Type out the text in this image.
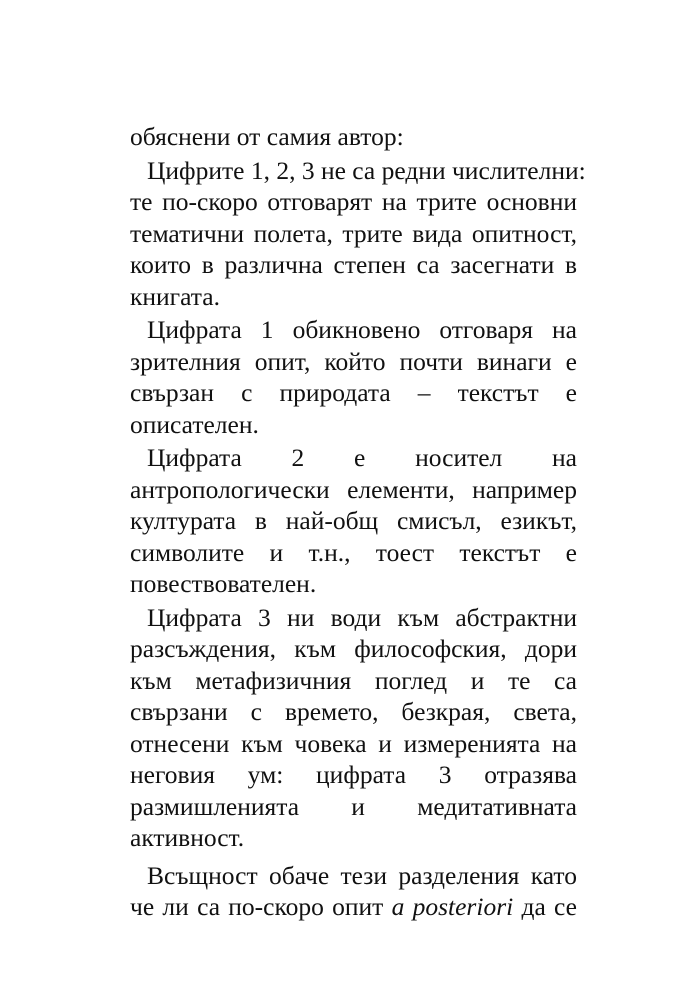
обяснени от самия автор:
Цифрите 1, 2, 3 не са редни числителни:
те по-скоро отговарят на трите основни
тематични полета, трите вида опитност,
които в различна степен са засегнати в
книгата.
Цифрата 1 обикновено отговаря на
зрителния опит, който почти винаги е
свързан с природата – текстът е
описателен.
Цифрата 2 е носител на
антропологически елементи, например
културата в най-общ смисъл, езикът,
символите и т.н., тоест текстът е
повествователен.
Цифрата 3 ни води към абстрактни
разсъждения, към философския, дори
към метафизичния поглед и те са
свързани с времето, безкрая, света,
отнесени към човека и измеренията на
неговия ум: цифрата 3 отразява
размишленията и медитативната
активност.
Всъщност обаче тези разделения като
че ли са по-скоро опит a posteriori да се
